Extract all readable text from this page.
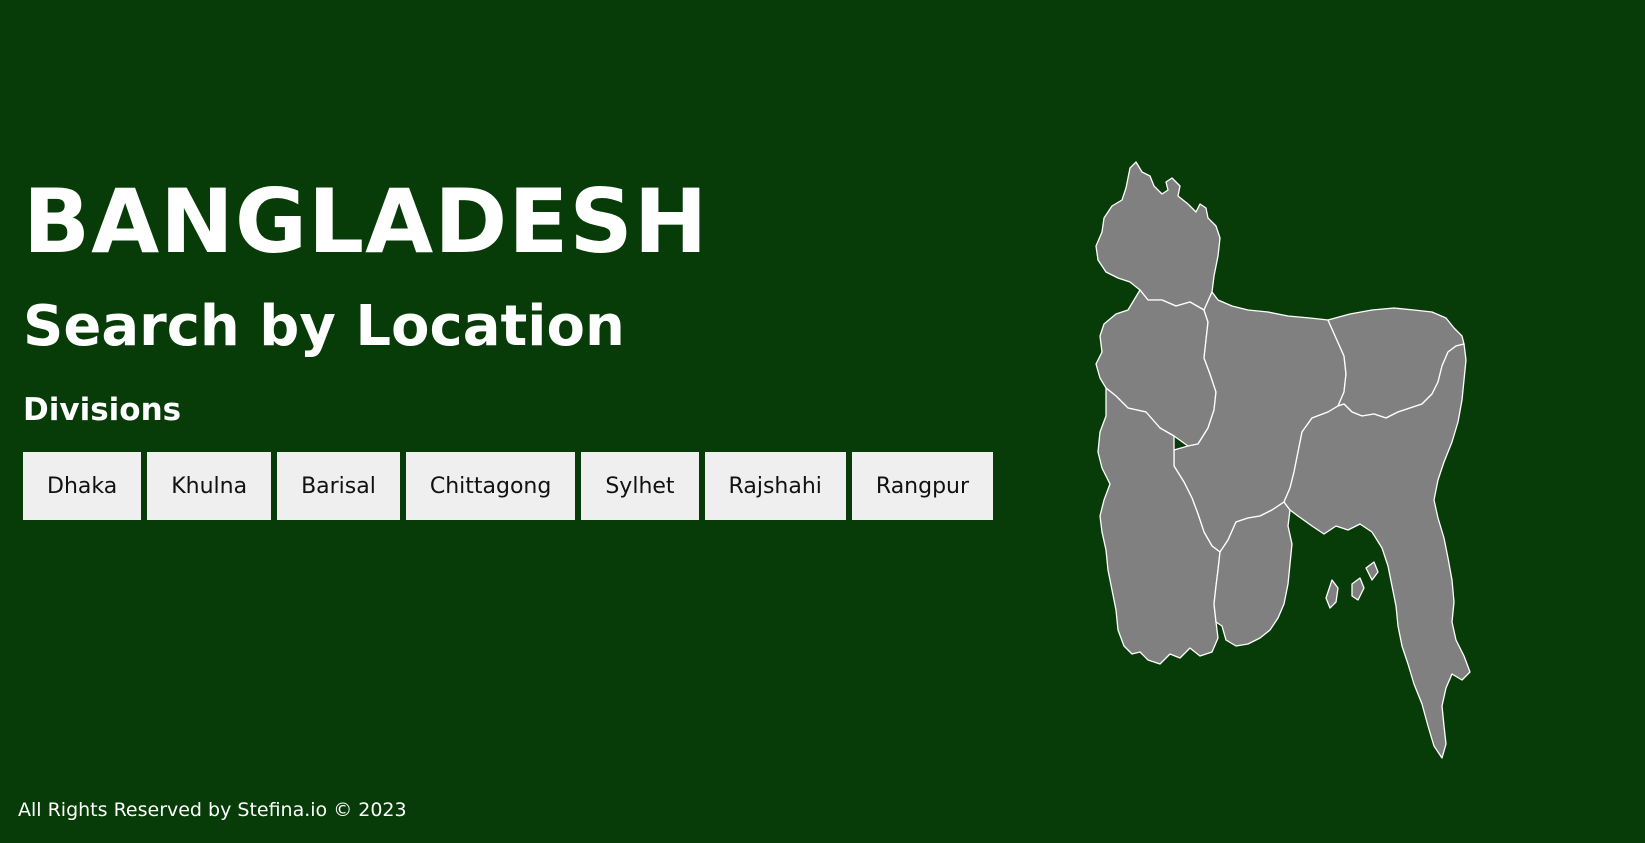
BANGLADESH
Search by Location
Divisions
Dhaka	Khulna	Barisal	Chittagong	Sylhet	Rajshahi	Rangpur
All Rights Reserved by Stefina.io © 2023
